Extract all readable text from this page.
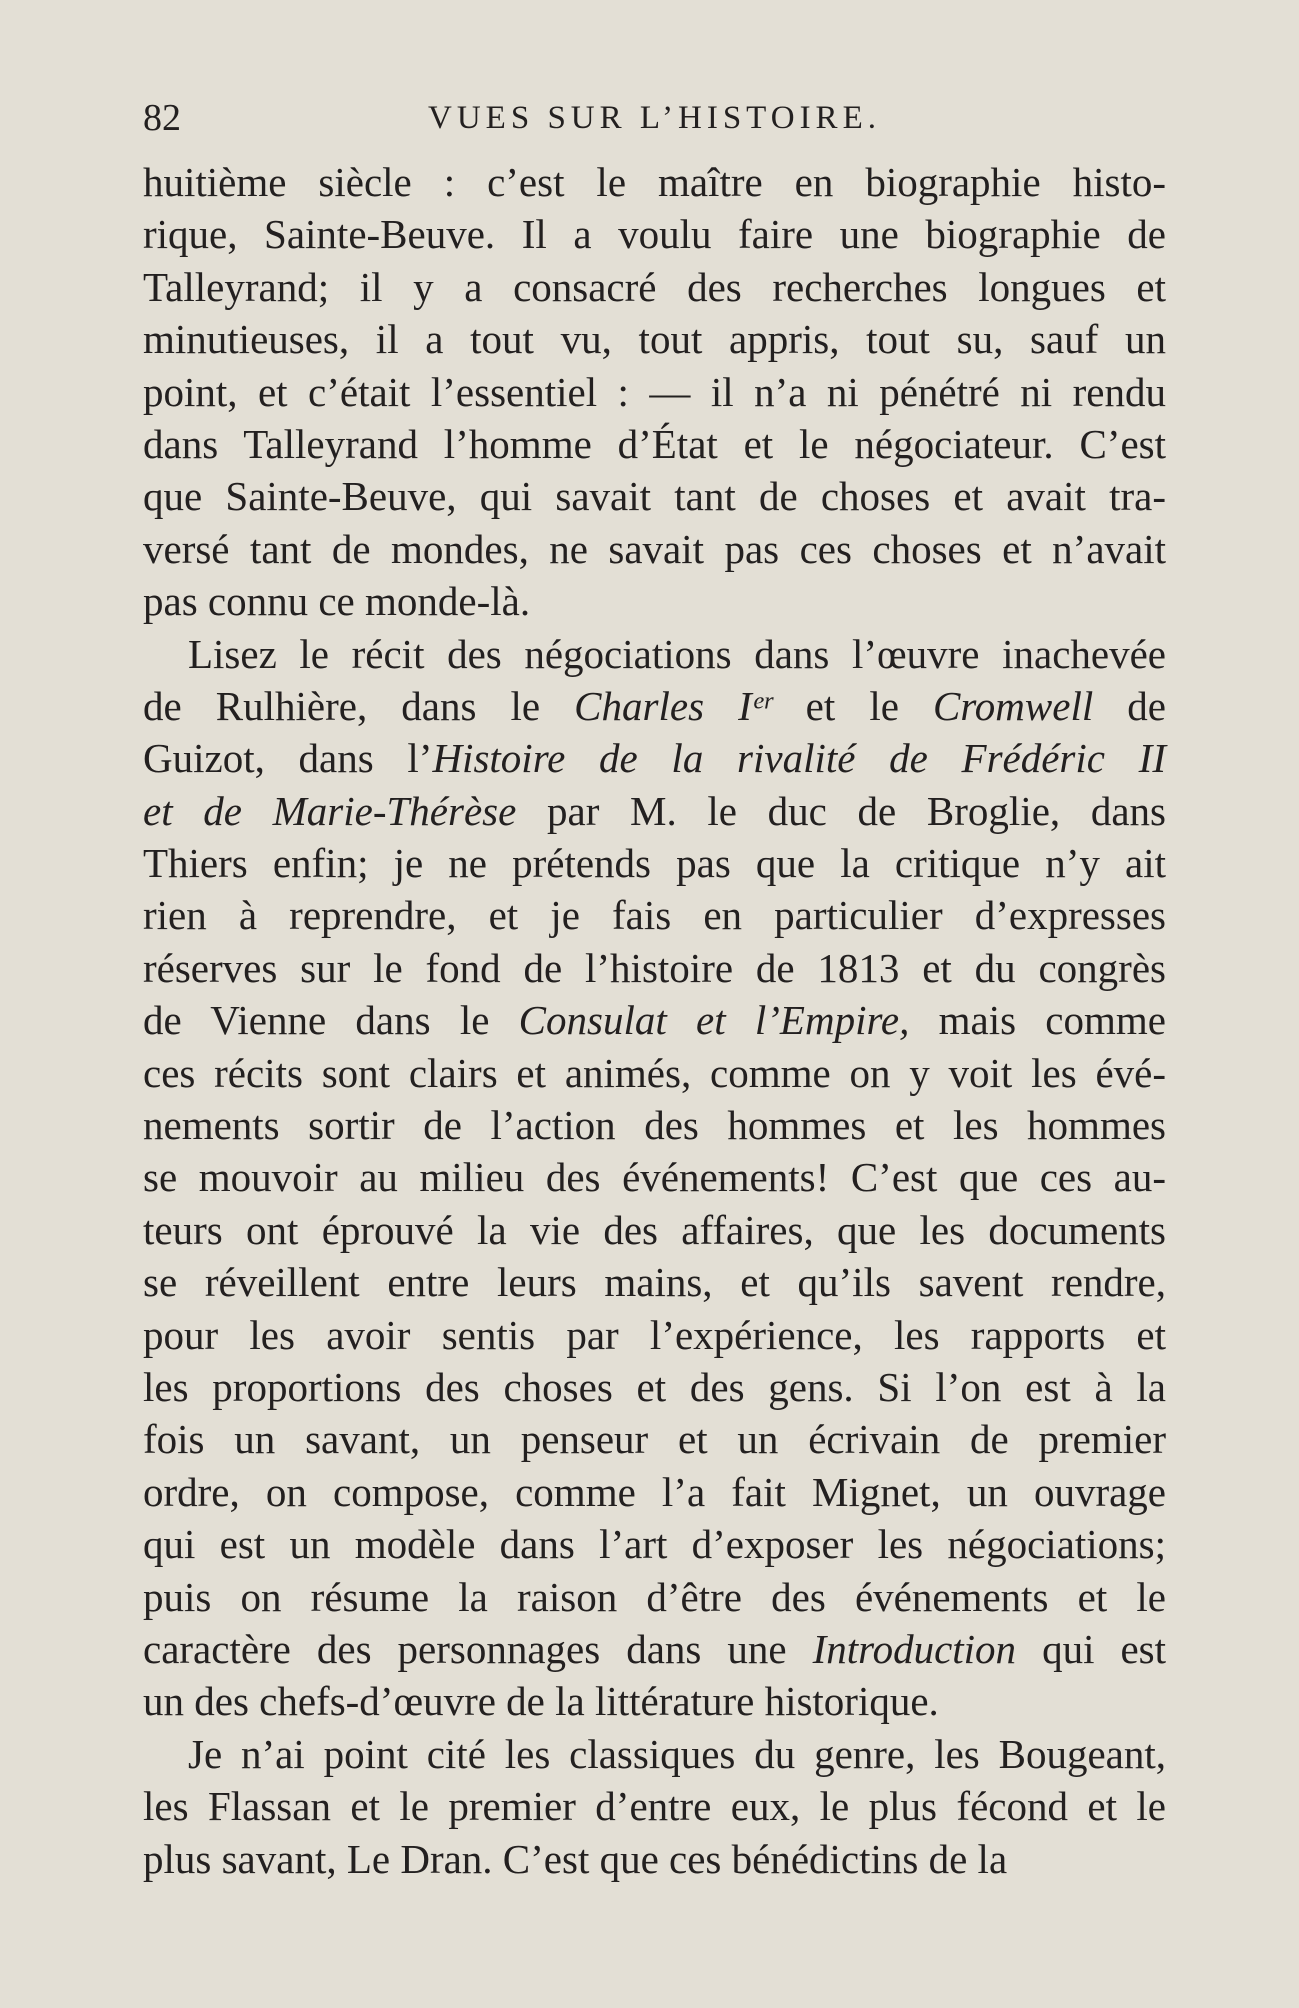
82	VUES SUR L’HISTOIRE.
huitième siècle : c’est le maître en biographie histo-
rique, Sainte-Beuve. Il a voulu faire une biographie de
Talleyrand; il y a consacré des recherches longues et
minutieuses, il a tout vu, tout appris, tout su, sauf un
point, et c’était l’essentiel : — il n’a ni pénétré ni rendu
dans Talleyrand l’homme d’État et le négociateur. C’est
que Sainte-Beuve, qui savait tant de choses et avait tra-
versé tant de mondes, ne savait pas ces choses et n’avait
pas connu ce monde-là.
Lisez le récit des négociations dans l’œuvre inachevée
de Rulhière, dans le Charles Iᵉʳ et le Cromwell de
Guizot, dans l’Histoire de la rivalité de Frédéric II
et de Marie-Thérèse par M. le duc de Broglie, dans
Thiers enfin; je ne prétends pas que la critique n’y ait
rien à reprendre, et je fais en particulier d’expresses
réserves sur le fond de l’histoire de 1813 et du congrès
de Vienne dans le Consulat et l’Empire, mais comme
ces récits sont clairs et animés, comme on y voit les évé-
nements sortir de l’action des hommes et les hommes
se mouvoir au milieu des événements! C’est que ces au-
teurs ont éprouvé la vie des affaires, que les documents
se réveillent entre leurs mains, et qu’ils savent rendre,
pour les avoir sentis par l’expérience, les rapports et
les proportions des choses et des gens. Si l’on est à la
fois un savant, un penseur et un écrivain de premier
ordre, on compose, comme l’a fait Mignet, un ouvrage
qui est un modèle dans l’art d’exposer les négociations;
puis on résume la raison d’être des événements et le
caractère des personnages dans une Introduction qui est
un des chefs-d’œuvre de la littérature historique.
Je n’ai point cité les classiques du genre, les Bougeant,
les Flassan et le premier d’entre eux, le plus fécond et le
plus savant, Le Dran. C’est que ces bénédictins de la
